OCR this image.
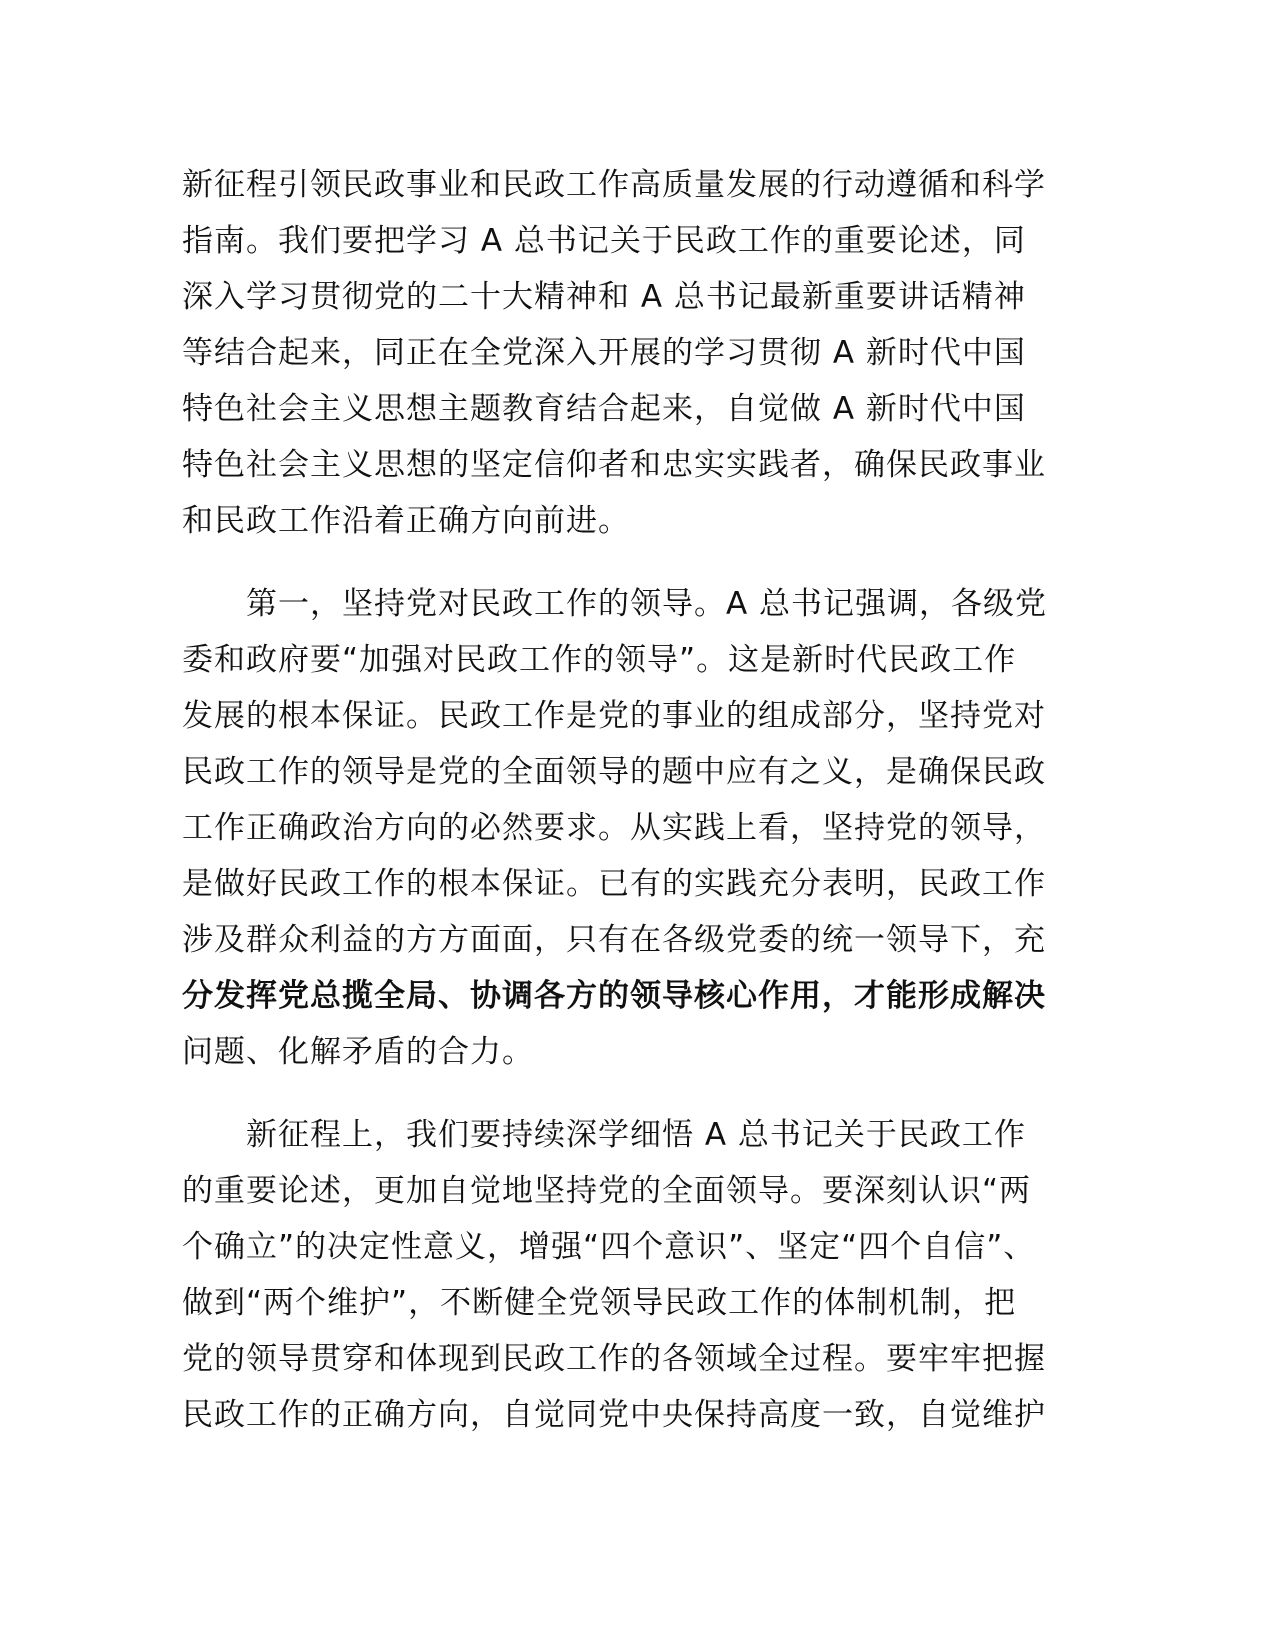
新征程引领民政事业和民政工作高质量发展的行动遵循和科学
指南。我们要把学习 A 总书记关于民政工作的重要论述，同
深入学习贯彻党的二十大精神和 A 总书记最新重要讲话精神
等结合起来，同正在全党深入开展的学习贯彻 A 新时代中国
特色社会主义思想主题教育结合起来，自觉做 A 新时代中国
特色社会主义思想的坚定信仰者和忠实实践者，确保民政事业
和民政工作沿着正确方向前进。
第一，坚持党对民政工作的领导。A 总书记强调，各级党
委和政府要“加强对民政工作的领导”。这是新时代民政工作
发展的根本保证。民政工作是党的事业的组成部分，坚持党对
民政工作的领导是党的全面领导的题中应有之义，是确保民政
工作正确政治方向的必然要求。从实践上看，坚持党的领导，
是做好民政工作的根本保证。已有的实践充分表明，民政工作
涉及群众利益的方方面面，只有在各级党委的统一领导下，充
分发挥党总揽全局、协调各方的领导核心作用，才能形成解决
问题、化解矛盾的合力。
新征程上，我们要持续深学细悟 A 总书记关于民政工作
的重要论述，更加自觉地坚持党的全面领导。要深刻认识“两
个确立”的决定性意义，增强“四个意识”、坚定“四个自信”、
做到“两个维护”，不断健全党领导民政工作的体制机制，把
党的领导贯穿和体现到民政工作的各领域全过程。要牢牢把握
民政工作的正确方向，自觉同党中央保持高度一致，自觉维护
